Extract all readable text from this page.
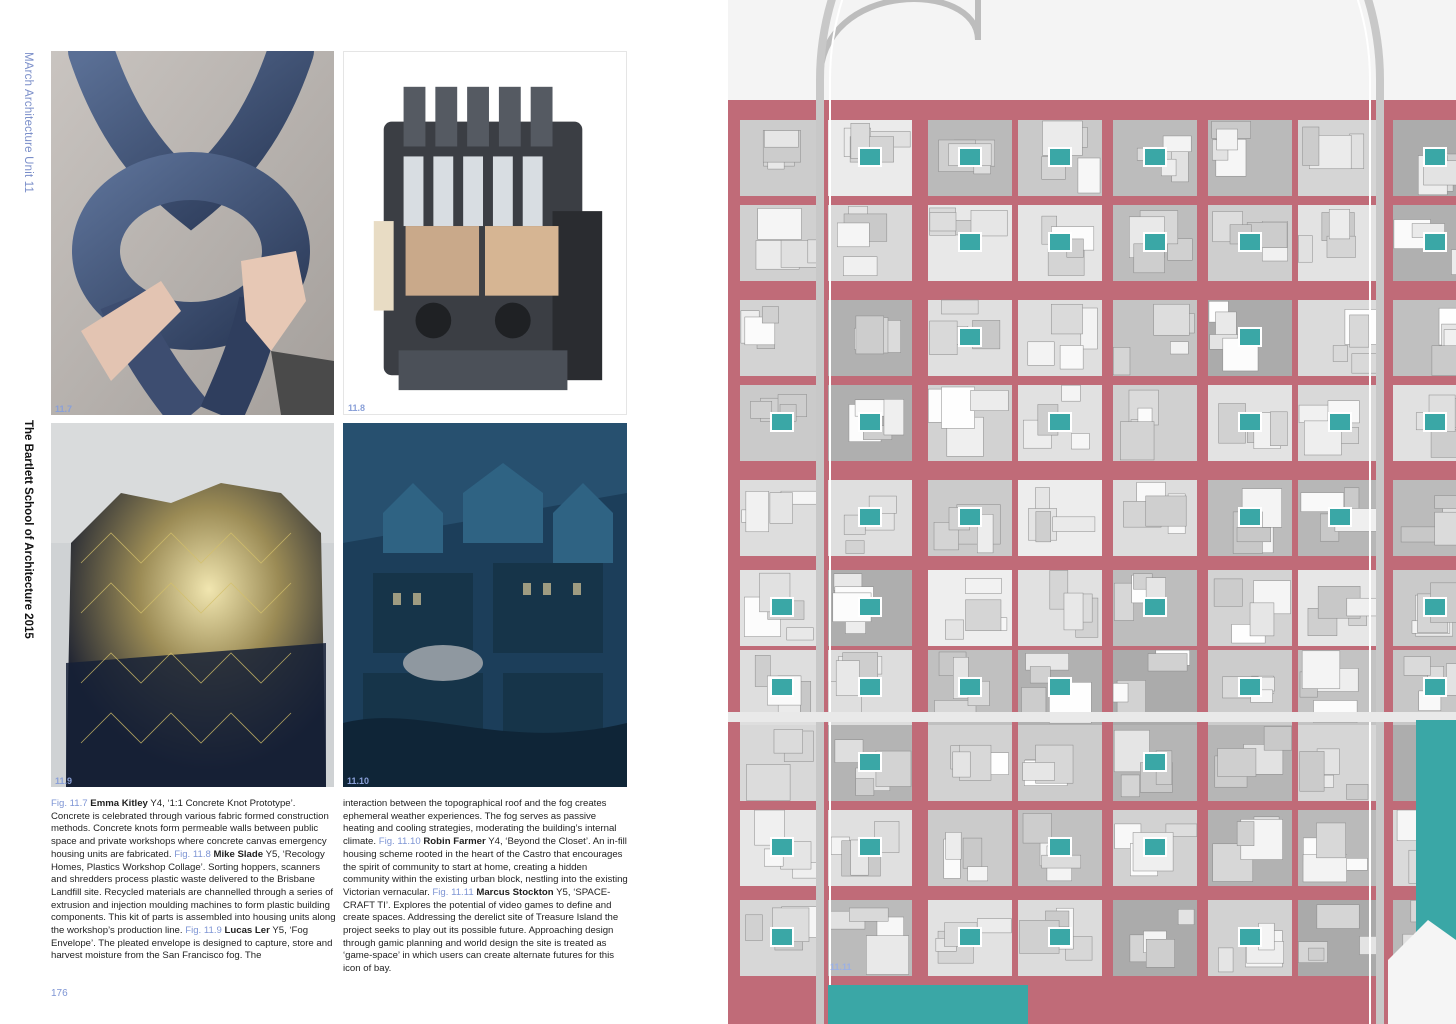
MArch Architecture Unit 11
The Bartlett School of Architecture 2015
11.7	11.8
11.9	11.10
Fig. 11.7 Emma Kitley Y4, ‘1:1 Concrete Knot Prototype’. Concrete is celebrated through various fabric formed construction methods. Concrete knots form permeable walls between public space and private workshops where concrete canvas emergency housing units are fabricated. Fig. 11.8 Mike Slade Y5, ‘Recology Homes, Plastics Workshop Collage’. Sorting hoppers, scanners and shredders process plastic waste delivered to the Brisbane Landfill site. Recycled materials are channelled through a series of extrusion and injection moulding machines to form plastic building components. This kit of parts is assembled into housing units along the workshop’s production line. Fig. 11.9 Lucas Ler Y5, ‘Fog Envelope’. The pleated envelope is designed to capture, store and harvest moisture from the San Francisco fog. The
interaction between the topographical roof and the fog creates ephemeral weather experiences. The fog serves as passive heating and cooling strategies, moderating the building’s internal climate. Fig. 11.10 Robin Farmer Y4, ‘Beyond the Closet’. An in-fill housing scheme rooted in the heart of the Castro that encourages the spirit of community to start at home, creating a hidden community within the existing urban block, nestling into the existing Victorian vernacular. Fig. 11.11 Marcus Stockton Y5, ‘SPACE-CRAFT TI’. Explores the potential of video games to define and create spaces. Addressing the derelict site of Treasure Island the project seeks to play out its possible future. Approaching design through gamic planning and world design the site is treated as ‘game-space’ in which users can create alternate futures for this icon of bay.
176
11.11
